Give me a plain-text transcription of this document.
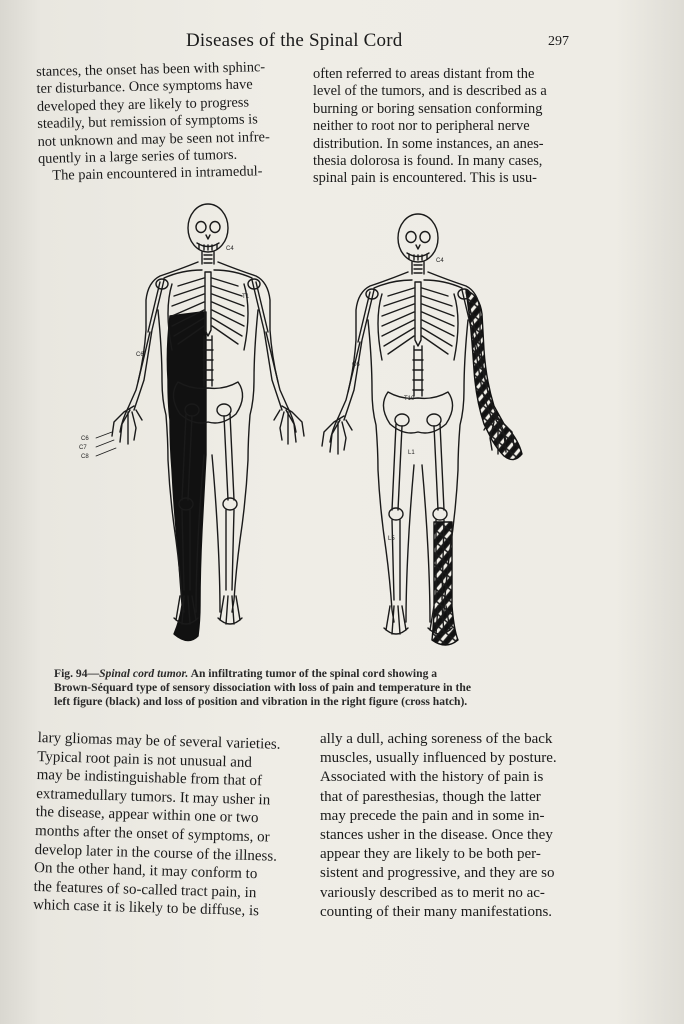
Diseases of the Spinal Cord	297

stances, the onset has been with sphinc-

ter disturbance. Once symptoms have

developed they are likely to progress

steadily, but remission of symptoms is

not unknown and may be seen not infre-

quently in a large series of tumors.

The pain encountered in intramedul-

often referred to areas distant from the

level of the tumors, and is described as a

burning or boring sensation conforming

neither to root nor to peripheral nerve

distribution. In some instances, an anes-

thesia dolorosa is found. In many cases,

spinal pain is encountered. This is usu-

C4
C6
C6
C7
C8
T1
C4
T10
L1
L5
C6

Fig. 94—Spinal cord tumor. An infiltrating tumor of the spinal cord showing a

Brown-Séquard type of sensory dissociation with loss of pain and temperature in the

left figure (black) and loss of position and vibration in the right figure (cross hatch).

lary gliomas may be of several varieties.

Typical root pain is not unusual and

may be indistinguishable from that of

extramedullary tumors. It may usher in

the disease, appear within one or two

months after the onset of symptoms, or

develop later in the course of the illness.

On the other hand, it may conform to

the features of so-called tract pain, in

which case it is likely to be diffuse, is

ally a dull, aching soreness of the back

muscles, usually influenced by posture.

Associated with the history of pain is

that of paresthesias, though the latter

may precede the pain and in some in-

stances usher in the disease. Once they

appear they are likely to be both per-

sistent and progressive, and they are so

variously described as to merit no ac-

counting of their many manifestations.
